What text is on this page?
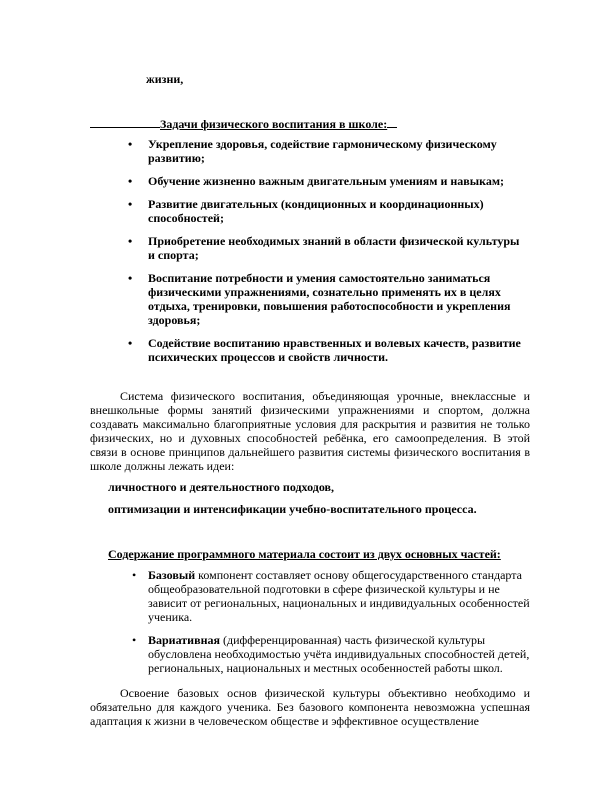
жизни,
Задачи физического воспитания в школе:
• Укрепление здоровья, содействие гармоническому физическому развитию;
• Обучение жизненно важным двигательным умениям и навыкам;
• Развитие двигательных (кондиционных и координационных) способностей;
• Приобретение необходимых знаний в области физической культуры и спорта;
• Воспитание потребности и умения самостоятельно заниматься физическими упражнениями, сознательно применять их в целях отдыха, тренировки, повышения работоспособности и укрепления здоровья;
• Содействие воспитанию нравственных и волевых качеств, развитие психических процессов и свойств личности.

Система физического воспитания, объединяющая урочные, внеклассные и внешкольные формы занятий физическими упражнениями и спортом, должна создавать максимально благоприятные условия для раскрытия и развития не только физических, но и духовных способностей ребёнка, его самоопределения. В этой связи в основе принципов дальнейшего развития системы физического воспитания в школе должны лежать идеи:

личностного и деятельностного подходов,
оптимизации и интенсификации учебно-воспитательного процесса.
Содержание программного материала состоит из двух основных частей:
• Базовый компонент составляет основу общегосударственного стандарта общеобразовательной подготовки в сфере физической культуры и не зависит от региональных, национальных и индивидуальных особенностей ученика.
• Вариативная (дифференцированная) часть физической культуры обусловлена необходимостью учёта индивидуальных способностей детей, региональных, национальных и местных особенностей работы школ.

Освоение базовых основ физической культуры объективно необходимо и обязательно для каждого ученика. Без базового компонента невозможна успешная адаптация к жизни в человеческом обществе и эффективное осуществление
